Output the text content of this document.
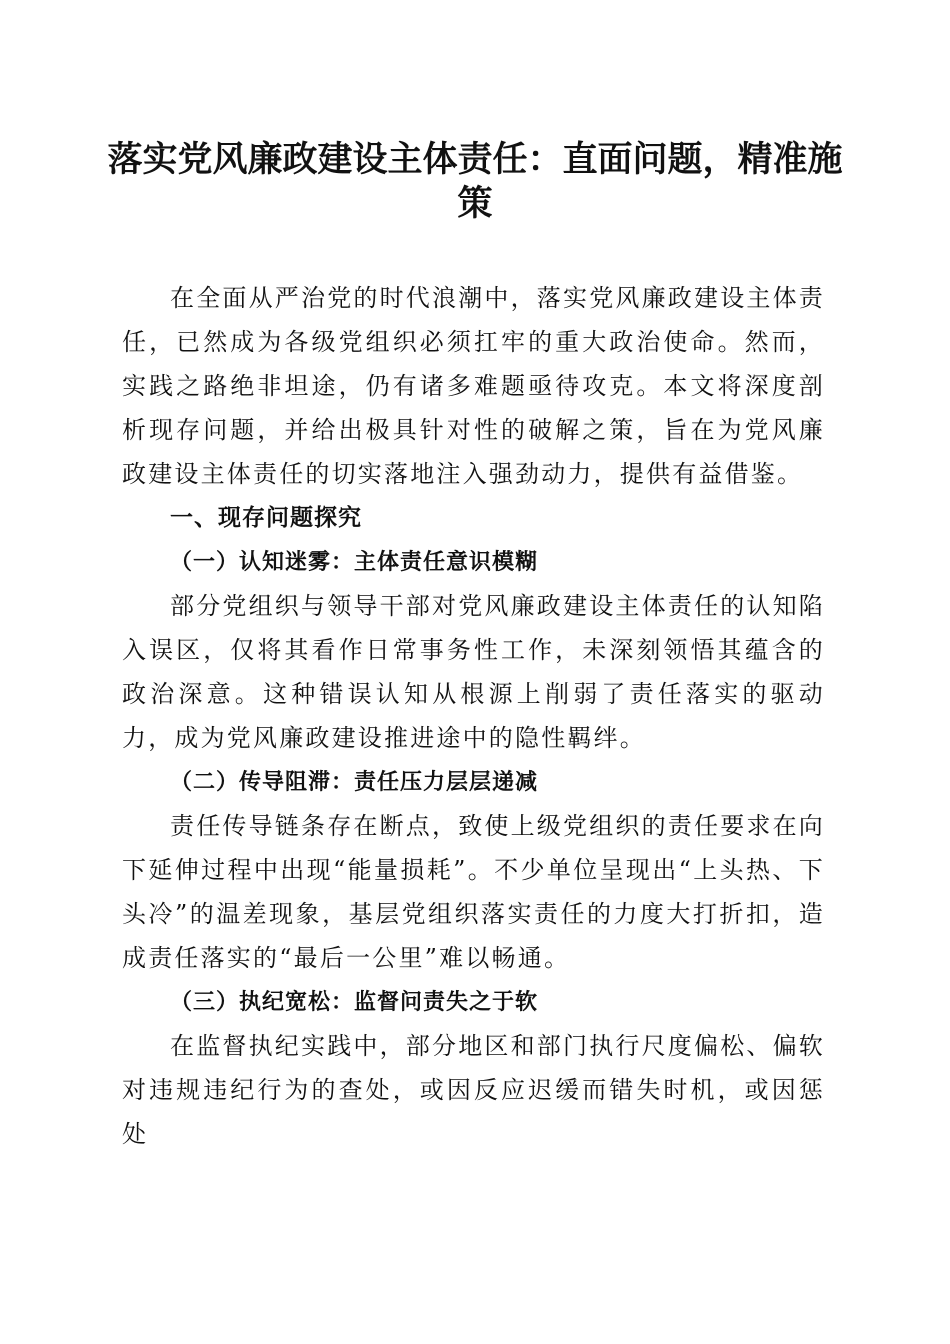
落实党风廉政建设主体责任：直面问题，精准施策

在全面从严治党的时代浪潮中，落实党风廉政建设主体责任，已然成为各级党组织必须扛牢的重大政治使命。然而，实践之路绝非坦途，仍有诸多难题亟待攻克。本文将深度剖析现存问题，并给出极具针对性的破解之策，旨在为党风廉政建设主体责任的切实落地注入强劲动力，提供有益借鉴。

一、现存问题探究

（一）认知迷雾：主体责任意识模糊

部分党组织与领导干部对党风廉政建设主体责任的认知陷入误区，仅将其看作日常事务性工作，未深刻领悟其蕴含的政治深意。这种错误认知从根源上削弱了责任落实的驱动力，成为党风廉政建设推进途中的隐性羁绊。

（二）传导阻滞：责任压力层层递减

责任传导链条存在断点，致使上级党组织的责任要求在向下延伸过程中出现“能量损耗”。不少单位呈现出“上头热、下头冷”的温差现象，基层党组织落实责任的力度大打折扣，造成责任落实的“最后一公里”难以畅通。

（三）执纪宽松：监督问责失之于软

在监督执纪实践中，部分地区和部门执行尺度偏松、偏软对违规违纪行为的查处，或因反应迟缓而错失时机，或因惩处
